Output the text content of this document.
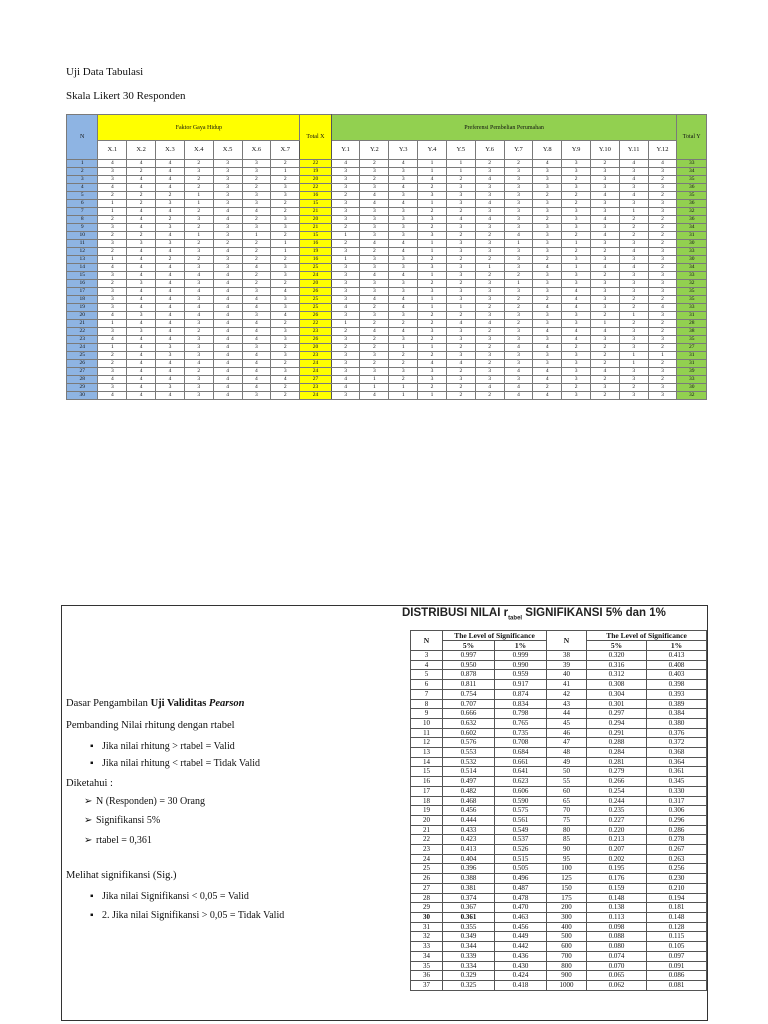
Uji Data Tabulasi
Skala Likert 30 Responden
N	Faktor Gaya Hidup							Total X	Preferensi Pembelian Perumahan												Total Y
	X.1	X.2	X.3	X.4	X.5	X.6	X.7		Y.1	Y.2	Y.3	Y.4	Y.5	Y.6	Y.7	Y.8	Y.9	Y.10	Y.11	Y.12	
1	4	4	4	2	3	3	2	22	4	2	4	1	1	2	2	4	3	2	4	4	33
2	3	2	4	3	3	3	1	19	3	3	3	1	1	3	3	3	3	3	3	3	34
3	3	4	4	2	3	2	2	20	3	2	3	4	2	4	3	3	2	3	4	2	35
4	4	4	4	2	3	2	3	22	3	3	4	2	3	3	3	3	3	3	3	3	36
5	2	2	2	1	3	3	3	16	2	4	3	3	3	3	3	2	2	4	4	2	35
6	1	2	3	1	3	3	2	15	3	4	4	1	3	4	3	3	2	3	3	3	36
7	1	4	4	2	4	4	2	21	3	3	3	2	2	3	3	3	3	3	1	3	32
8	2	4	2	3	4	2	3	20	3	3	3	3	4	4	3	2	3	4	2	2	36
9	3	4	3	2	3	3	3	21	2	3	3	2	3	3	3	3	3	3	2	2	34
10	2	2	4	1	3	1	2	15	1	3	3	3	2	2	4	3	2	4	2	2	31
11	3	3	3	2	2	2	1	16	2	4	4	1	3	3	1	3	1	3	3	2	30
12	2	4	4	3	4	2	1	19	3	2	4	1	3	3	3	3	2	2	4	3	33
13	1	4	2	2	3	2	2	16	1	3	3	2	2	2	3	2	3	3	3	3	30
14	4	4	4	3	3	4	3	25	3	3	3	3	3	1	3	4	1	4	4	2	34
15	3	4	4	4	4	2	3	24	3	4	4	1	3	2	2	3	3	2	3	3	33
16	2	3	4	3	4	2	2	20	3	3	3	2	2	3	1	3	3	3	3	3	32
17	3	4	4	4	4	3	4	26	3	3	3	3	3	3	3	3	4	3	3	3	35
18	3	4	4	3	4	4	3	25	3	4	4	1	3	3	2	2	4	3	2	2	35
19	3	4	4	4	4	4	3	25	4	2	4	1	1	2	2	4	4	3	2	4	33
20	4	3	4	4	4	3	4	26	3	3	3	2	2	3	3	3	3	2	1	3	31
21	1	4	4	3	4	4	2	22	1	2	2	2	4	4	2	3	3	1	2	2	28
22	3	3	4	2	4	4	3	23	2	4	4	3	3	2	3	4	4	4	3	2	38
23	4	4	4	3	4	4	3	26	3	2	3	2	3	3	3	3	4	3	3	3	35
24	1	4	3	3	4	3	2	20	2	2	1	1	2	2	4	4	2	2	3	2	27
25	2	4	3	3	4	4	3	23	3	3	2	2	3	3	3	3	3	2	1	1	31
26	2	4	4	4	4	4	2	24	3	2	2	4	4	2	3	3	3	2	1	2	31
27	3	4	4	2	4	4	3	24	3	3	3	3	2	3	4	4	3	4	3	3	39
28	4	4	4	3	4	4	4	27	4	1	2	3	3	3	3	4	3	2	3	2	33
29	3	4	3	3	4	4	2	23	4	1	1	2	2	4	4	2	2	3	2	3	30
30	4	4	4	3	4	3	2	24	3	4	1	1	2	2	4	4	3	2	3	3	32
DISTRIBUSI NILAI $r_{tabel}$ SIGNIFIKANSI 5% dan 1%
Dasar Pengambilan Uji Validitas Pearson
Pembanding Nilai rhitung dengan rtabel
▪ Jika nilai rhitung > rtabel = Valid
▪ Jika nilai rhitung < rtabel = Tidak Valid
Diketahui :
➢ N (Responden) = 30 Orang
➢ Signifikansi 5%
➢ rtabel = 0,361
Melihat signifikansi (Sig.)
▪ Jika nilai Signifikansi < 0,05 = Valid
▪ 2. Jika nilai Signifikansi > 0,05 = Tidak Valid
N	The Level of Significance		N	The Level of Significance	
	5%	1%		5%	1%
3	0.997	0.999	38	0.320	0.413
4	0.950	0.990	39	0.316	0.408
5	0.878	0.959	40	0.312	0.403
6	0.811	0.917	41	0.308	0.398
7	0.754	0.874	42	0.304	0.393
8	0.707	0.834	43	0.301	0.389
9	0.666	0.798	44	0.297	0.384
10	0.632	0.765	45	0.294	0.380
11	0.602	0.735	46	0.291	0.376
12	0.576	0.708	47	0.288	0.372
13	0.553	0.684	48	0.284	0.368
14	0.532	0.661	49	0.281	0.364
15	0.514	0.641	50	0.279	0.361
16	0.497	0.623	55	0.266	0.345
17	0.482	0.606	60	0.254	0.330
18	0.468	0.590	65	0.244	0.317
19	0.456	0.575	70	0.235	0.306
20	0.444	0.561	75	0.227	0.296
21	0.433	0.549	80	0.220	0.286
22	0.423	0.537	85	0.213	0.278
23	0.413	0.526	90	0.207	0.267
24	0.404	0.515	95	0.202	0.263
25	0.396	0.505	100	0.195	0.256
26	0.388	0.496	125	0.176	0.230
27	0.381	0.487	150	0.159	0.210
28	0.374	0.478	175	0.148	0.194
29	0.367	0.470	200	0.138	0.181
30	0.361	0.463	300	0.113	0.148
31	0.355	0.456	400	0.098	0.128
32	0.349	0.449	500	0.088	0.115
33	0.344	0.442	600	0.080	0.105
34	0.339	0.436	700	0.074	0.097
35	0.334	0.430	800	0.070	0.091
36	0.329	0.424	900	0.065	0.086
37	0.325	0.418	1000	0.062	0.081
